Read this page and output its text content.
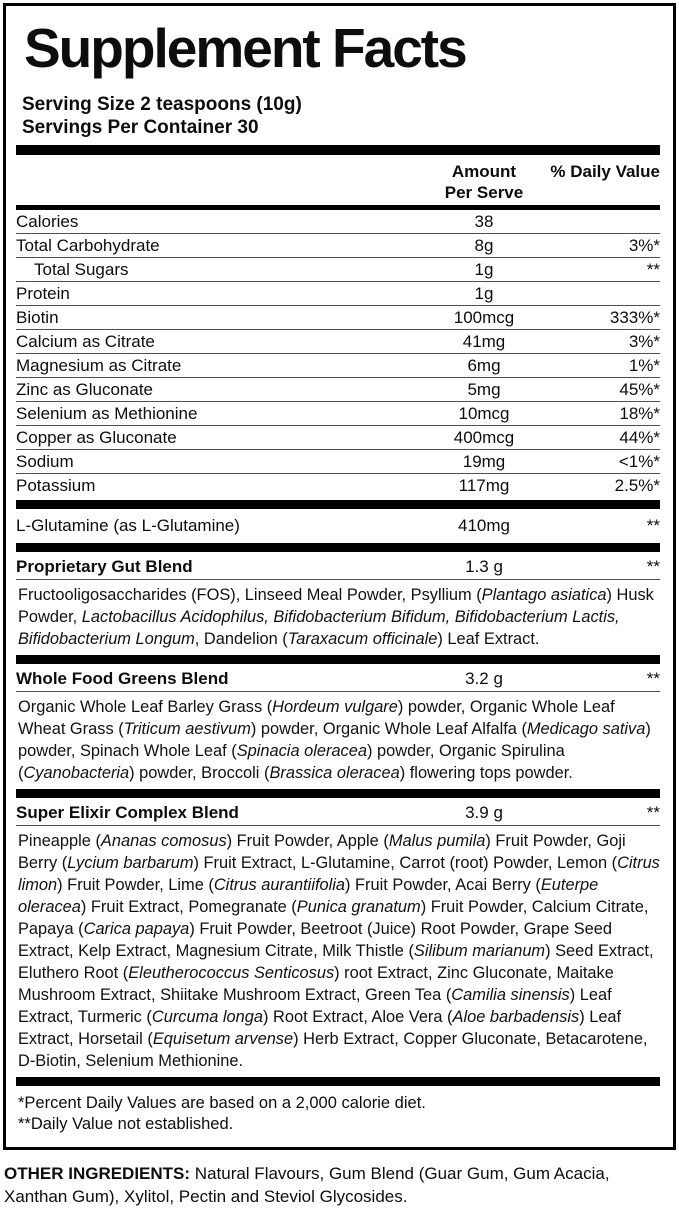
Supplement Facts
Serving Size 2 teaspoons (10g)
Servings Per Container 30
Amount
Per Serve
% Daily Value
Calories	38
Total Carbohydrate	8g	3%*
Total Sugars	1g	**
Protein	1g
Biotin	100mcg	333%*
Calcium as Citrate	41mg	3%*
Magnesium as Citrate	6mg	1%*
Zinc as Gluconate	5mg	45%*
Selenium as Methionine	10mcg	18%*
Copper as Gluconate	400mcg	44%*
Sodium	19mg	<1%*
Potassium	117mg	2.5%*
L-Glutamine (as L-Glutamine)	410mg	**
Proprietary Gut Blend	1.3 g	**

Fructooligosaccharides (FOS), Linseed Meal Powder, Psyllium (Plantago asiatica) Husk Powder, Lactobacillus Acidophilus, Bifidobacterium Bifidum, Bifidobacterium Lactis, Bifidobacterium Longum, Dandelion (Taraxacum officinale) Leaf Extract.

Whole Food Greens Blend	3.2 g	**

Organic Whole Leaf Barley Grass (Hordeum vulgare) powder, Organic Whole Leaf Wheat Grass (Triticum aestivum) powder, Organic Whole Leaf Alfalfa (Medicago sativa) powder, Spinach Whole Leaf (Spinacia oleracea) powder, Organic Spirulina (Cyanobacteria) powder, Broccoli (Brassica oleracea) flowering tops powder.

Super Elixir Complex Blend	3.9 g	**

Pineapple (Ananas comosus) Fruit Powder, Apple (Malus pumila) Fruit Powder, Goji Berry (Lycium barbarum) Fruit Extract, L-Glutamine, Carrot (root) Powder, Lemon (Citrus limon) Fruit Powder, Lime (Citrus aurantiifolia) Fruit Powder, Acai Berry (Euterpe oleracea) Fruit Extract, Pomegranate (Punica granatum) Fruit Powder, Calcium Citrate, Papaya (Carica papaya) Fruit Powder, Beetroot (Juice) Root Powder, Grape Seed Extract, Kelp Extract, Magnesium Citrate, Milk Thistle (Silibum marianum) Seed Extract, Eluthero Root (Eleutherococcus Senticosus) root Extract, Zinc Gluconate, Maitake Mushroom Extract, Shiitake Mushroom Extract, Green Tea (Camilia sinensis) Leaf Extract, Turmeric (Curcuma longa) Root Extract, Aloe Vera (Aloe barbadensis) Leaf Extract, Horsetail (Equisetum arvense) Herb Extract, Copper Gluconate, Betacarotene, D-Biotin, Selenium Methionine.

*Percent Daily Values are based on a 2,000 calorie diet.
**Daily Value not established.

OTHER INGREDIENTS: Natural Flavours, Gum Blend (Guar Gum, Gum Acacia, Xanthan Gum), Xylitol, Pectin and Steviol Glycosides.
